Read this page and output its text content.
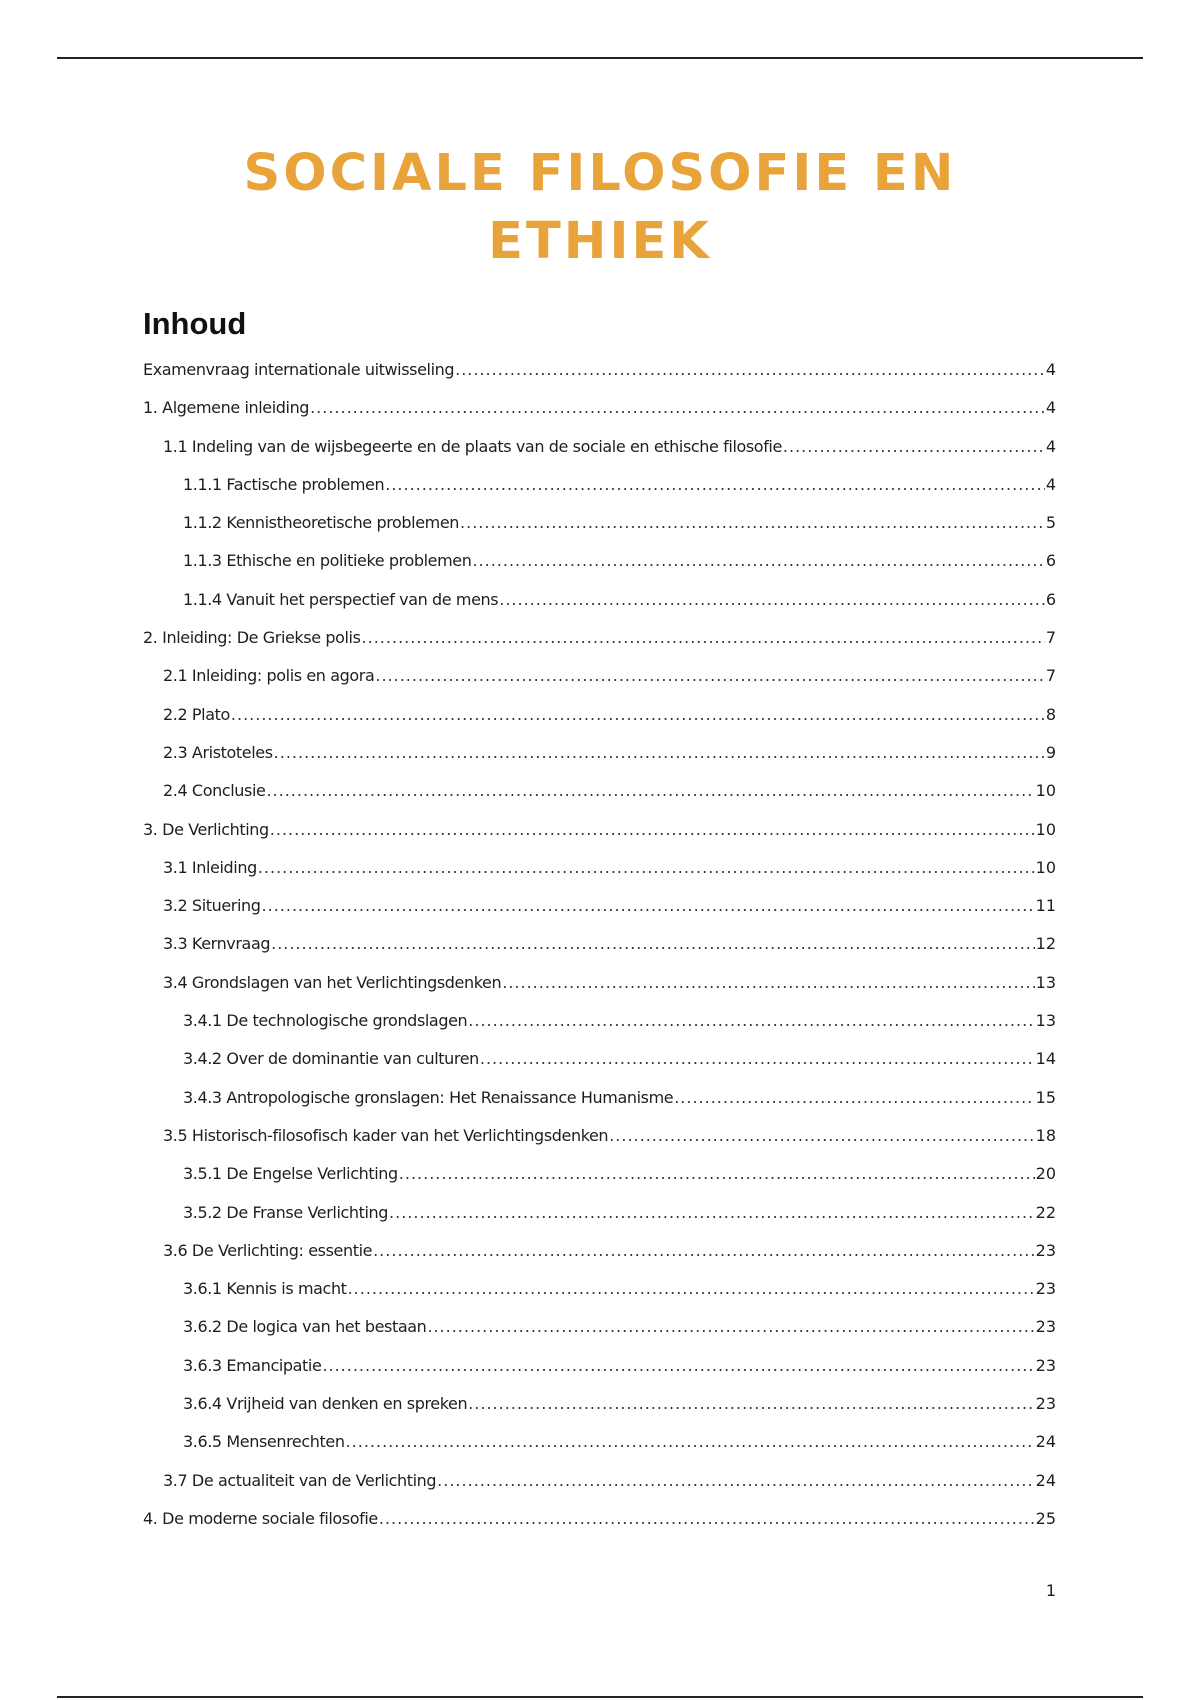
SOCIALE FILOSOFIE EN
ETHIEK
Inhoud
Examenvraag internationale uitwisseling .....	4
1. Algemene inleiding .....	4
1.1 Indeling van de wijsbegeerte en de plaats van de sociale en ethische filosofie .....	4
1.1.1 Factische problemen .....	4
1.1.2 Kennistheoretische problemen .....	5
1.1.3 Ethische en politieke problemen .....	6
1.1.4 Vanuit het perspectief van de mens .....	6
2. Inleiding: De Griekse polis .....	7
2.1 Inleiding: polis en agora .....	7
2.2 Plato .....	8
2.3 Aristoteles .....	9
2.4 Conclusie .....	10
3. De Verlichting .....	10
3.1 Inleiding .....	10
3.2 Situering .....	11
3.3 Kernvraag .....	12
3.4 Grondslagen van het Verlichtingsdenken .....	13
3.4.1 De technologische grondslagen .....	13
3.4.2 Over de dominantie van culturen .....	14
3.4.3 Antropologische gronslagen: Het Renaissance Humanisme .....	15
3.5 Historisch-filosofisch kader van het Verlichtingsdenken .....	18
3.5.1 De Engelse Verlichting .....	20
3.5.2 De Franse Verlichting .....	22
3.6 De Verlichting: essentie .....	23
3.6.1 Kennis is macht .....	23
3.6.2 De logica van het bestaan .....	23
3.6.3 Emancipatie .....	23
3.6.4 Vrijheid van denken en spreken .....	23
3.6.5 Mensenrechten .....	24
3.7 De actualiteit van de Verlichting .....	24
4. De moderne sociale filosofie .....	25
1
